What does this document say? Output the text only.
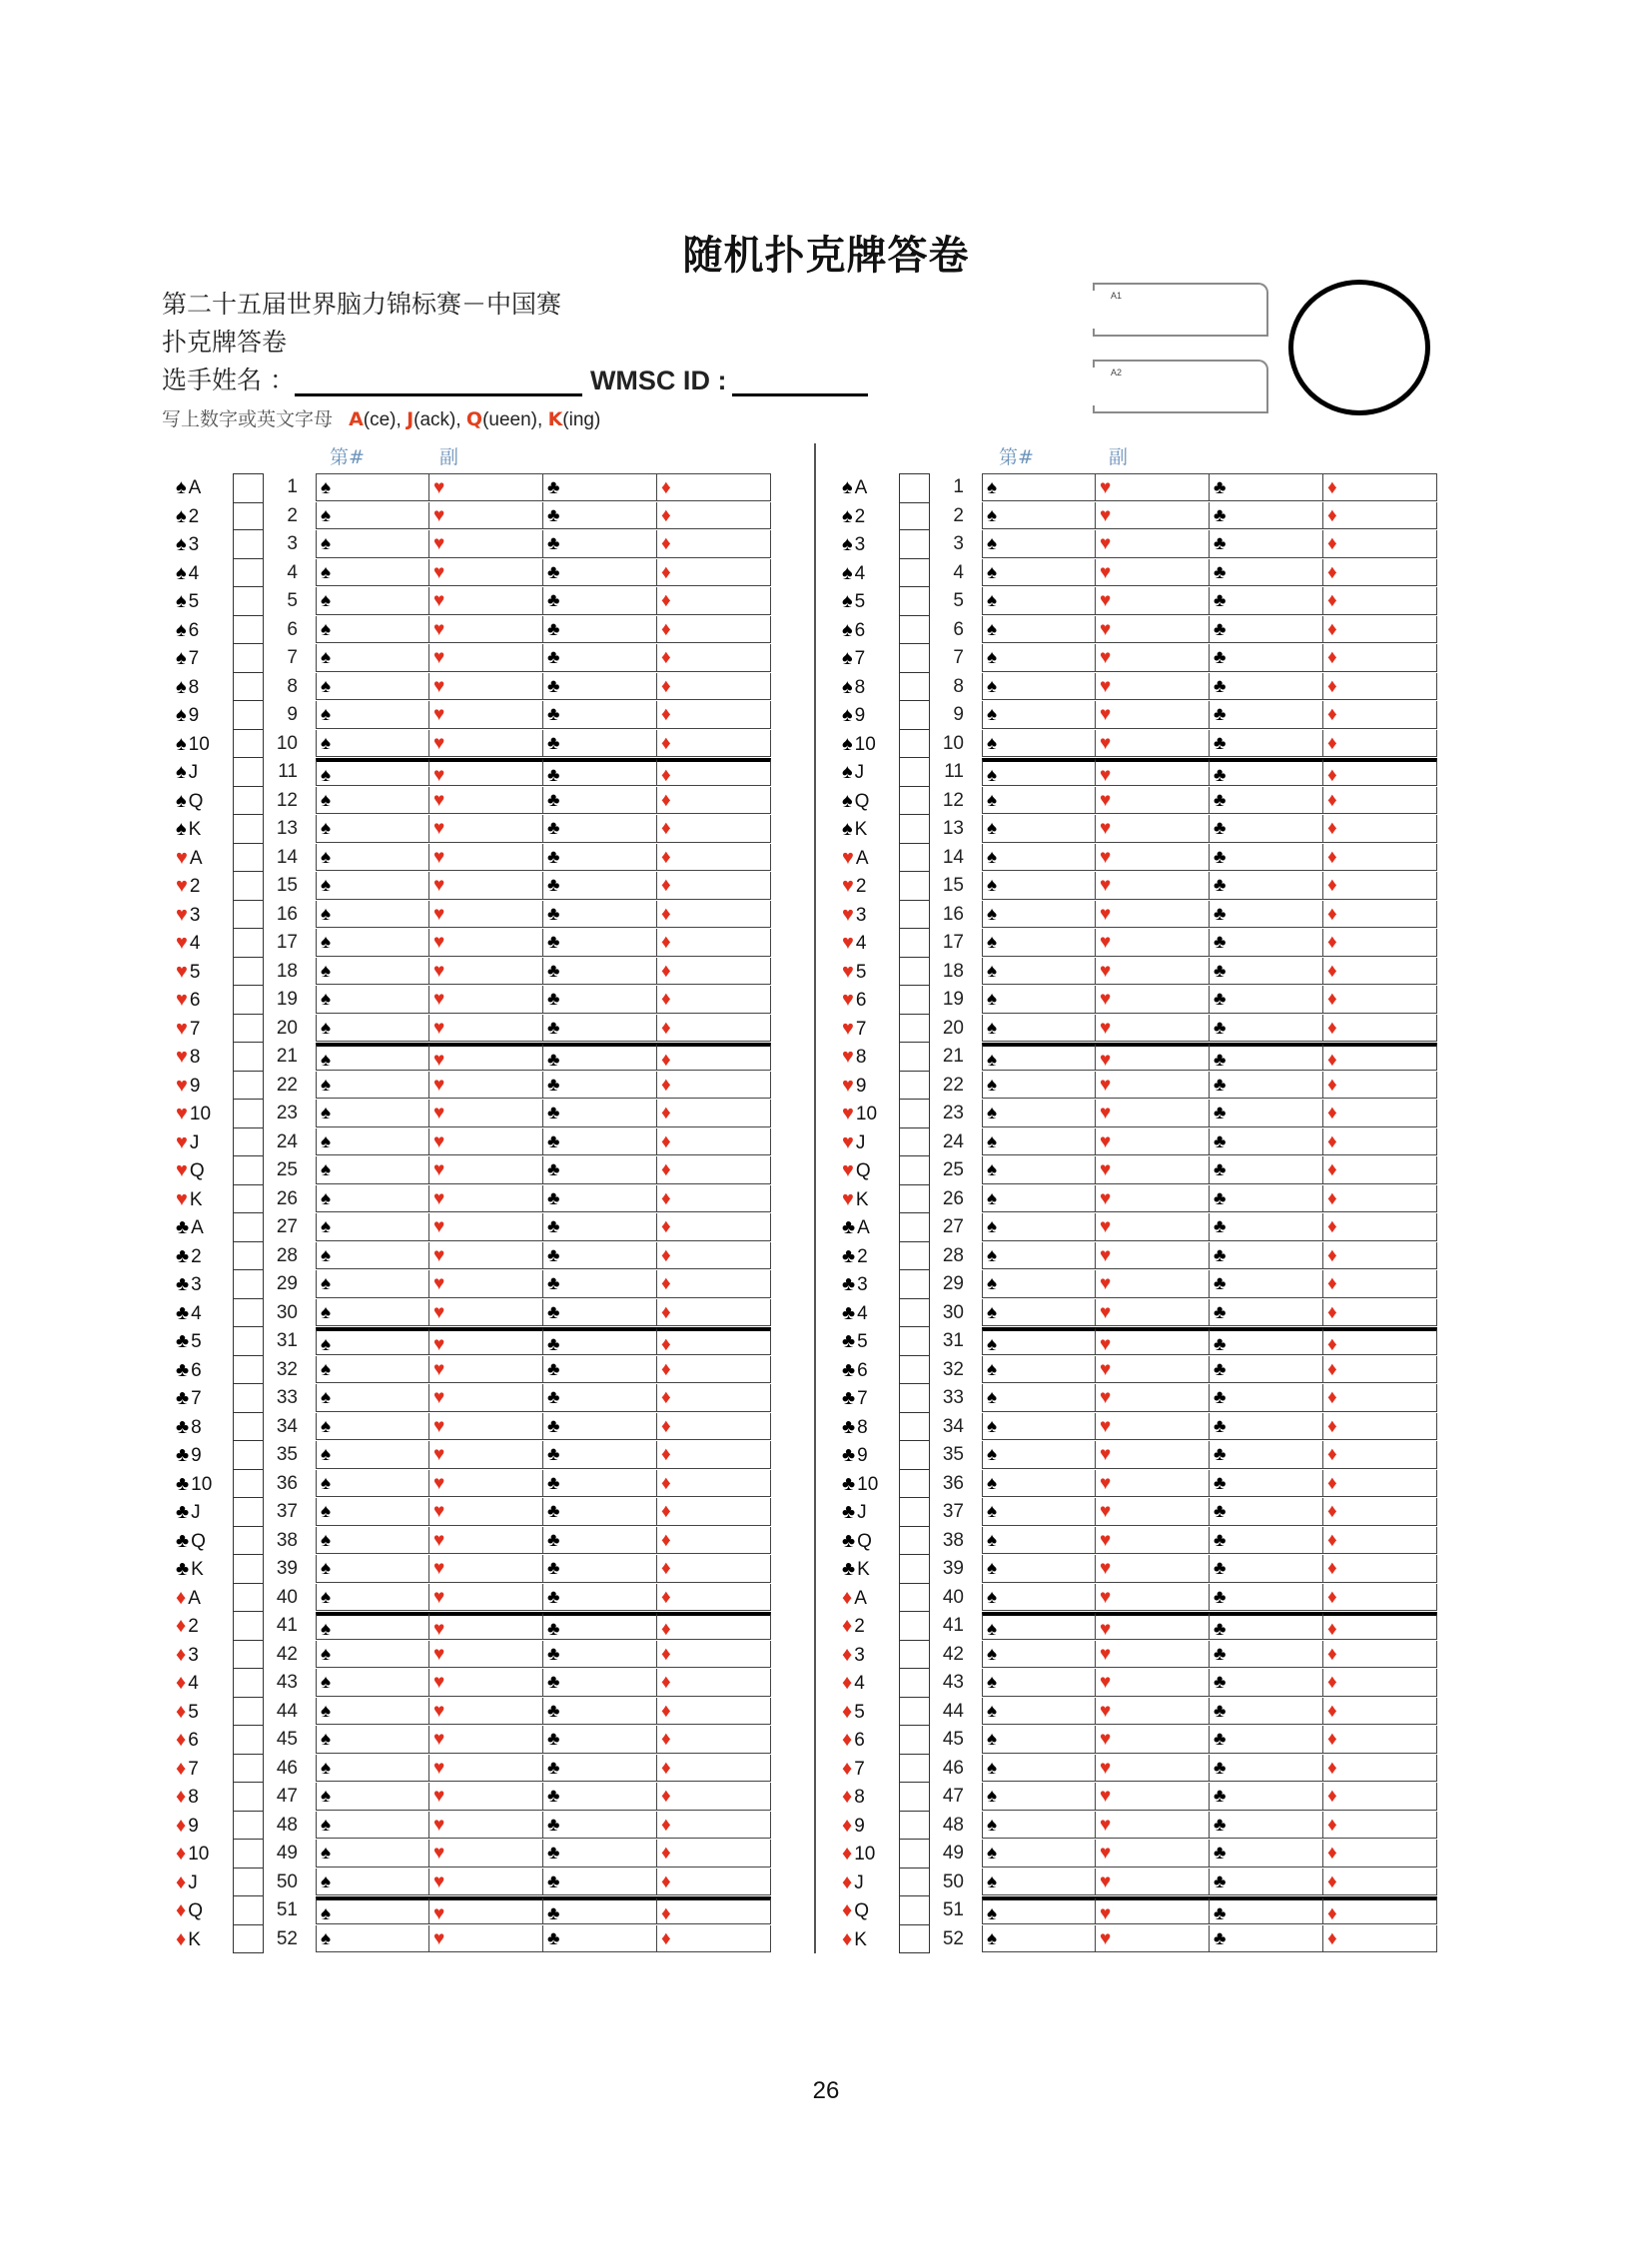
随机扑克牌答卷
第二十五届世界脑力锦标赛－中国赛
扑克牌答卷
选手姓名 ：	WMSC ID :
写上数字或英文字母 A(ce), J(ack), Q(ueen), K(ing)
A1
A2
第#	副	第#	副
♠ A	1 ♠	♥	♣	♦
♠ 2	2 ♠	♥	♣	♦
♠ 3	3 ♠	♥	♣	♦
♠ 4	4 ♠	♥	♣	♦
♠ 5	5 ♠	♥	♣	♦
♠ 6	6 ♠	♥	♣	♦
♠ 7	7 ♠	♥	♣	♦
♠ 8	8 ♠	♥	♣	♦
♠ 9	9 ♠	♥	♣	♦
♠ 10	10 ♠	♥	♣	♦
♠ J	11 ♠	♥	♣	♦
♠ Q	12 ♠	♥	♣	♦
♠ K	13 ♠	♥	♣	♦
♥ A	14 ♠	♥	♣	♦
♥ 2	15 ♠	♥	♣	♦
♥ 3	16 ♠	♥	♣	♦
♥ 4	17 ♠	♥	♣	♦
♥ 5	18 ♠	♥	♣	♦
♥ 6	19 ♠	♥	♣	♦
♥ 7	20 ♠	♥	♣	♦
♥ 8	21 ♠	♥	♣	♦
♥ 9	22 ♠	♥	♣	♦
♥ 10	23 ♠	♥	♣	♦
♥ J	24 ♠	♥	♣	♦
♥ Q	25 ♠	♥	♣	♦
♥ K	26 ♠	♥	♣	♦
♣ A	27 ♠	♥	♣	♦
♣ 2	28 ♠	♥	♣	♦
♣ 3	29 ♠	♥	♣	♦
♣ 4	30 ♠	♥	♣	♦
♣ 5	31 ♠	♥	♣	♦
♣ 6	32 ♠	♥	♣	♦
♣ 7	33 ♠	♥	♣	♦
♣ 8	34 ♠	♥	♣	♦
♣ 9	35 ♠	♥	♣	♦
♣ 10	36 ♠	♥	♣	♦
♣ J	37 ♠	♥	♣	♦
♣ Q	38 ♠	♥	♣	♦
♣ K	39 ♠	♥	♣	♦
♦ A	40 ♠	♥	♣	♦
♦ 2	41 ♠	♥	♣	♦
♦ 3	42 ♠	♥	♣	♦
♦ 4	43 ♠	♥	♣	♦
♦ 5	44 ♠	♥	♣	♦
♦ 6	45 ♠	♥	♣	♦
♦ 7	46 ♠	♥	♣	♦
♦ 8	47 ♠	♥	♣	♦
♦ 9	48 ♠	♥	♣	♦
♦ 10	49 ♠	♥	♣	♦
♦ J	50 ♠	♥	♣	♦
♦ Q	51 ♠	♥	♣	♦
♦ K	52 ♠	♥	♣	♦
♠ A	1 ♠	♥	♣	♦
♠ 2	2 ♠	♥	♣	♦
♠ 3	3 ♠	♥	♣	♦
♠ 4	4 ♠	♥	♣	♦
♠ 5	5 ♠	♥	♣	♦
♠ 6	6 ♠	♥	♣	♦
♠ 7	7 ♠	♥	♣	♦
♠ 8	8 ♠	♥	♣	♦
♠ 9	9 ♠	♥	♣	♦
♠ 10	10 ♠	♥	♣	♦
♠ J	11 ♠	♥	♣	♦
♠ Q	12 ♠	♥	♣	♦
♠ K	13 ♠	♥	♣	♦
♥ A	14 ♠	♥	♣	♦
♥ 2	15 ♠	♥	♣	♦
♥ 3	16 ♠	♥	♣	♦
♥ 4	17 ♠	♥	♣	♦
♥ 5	18 ♠	♥	♣	♦
♥ 6	19 ♠	♥	♣	♦
♥ 7	20 ♠	♥	♣	♦
♥ 8	21 ♠	♥	♣	♦
♥ 9	22 ♠	♥	♣	♦
♥ 10	23 ♠	♥	♣	♦
♥ J	24 ♠	♥	♣	♦
♥ Q	25 ♠	♥	♣	♦
♥ K	26 ♠	♥	♣	♦
♣ A	27 ♠	♥	♣	♦
♣ 2	28 ♠	♥	♣	♦
♣ 3	29 ♠	♥	♣	♦
♣ 4	30 ♠	♥	♣	♦
♣ 5	31 ♠	♥	♣	♦
♣ 6	32 ♠	♥	♣	♦
♣ 7	33 ♠	♥	♣	♦
♣ 8	34 ♠	♥	♣	♦
♣ 9	35 ♠	♥	♣	♦
♣ 10	36 ♠	♥	♣	♦
♣ J	37 ♠	♥	♣	♦
♣ Q	38 ♠	♥	♣	♦
♣ K	39 ♠	♥	♣	♦
♦ A	40 ♠	♥	♣	♦
♦ 2	41 ♠	♥	♣	♦
♦ 3	42 ♠	♥	♣	♦
♦ 4	43 ♠	♥	♣	♦
♦ 5	44 ♠	♥	♣	♦
♦ 6	45 ♠	♥	♣	♦
♦ 7	46 ♠	♥	♣	♦
♦ 8	47 ♠	♥	♣	♦
♦ 9	48 ♠	♥	♣	♦
♦ 10	49 ♠	♥	♣	♦
♦ J	50 ♠	♥	♣	♦
♦ Q	51 ♠	♥	♣	♦
♦ K	52 ♠	♥	♣	♦
26
